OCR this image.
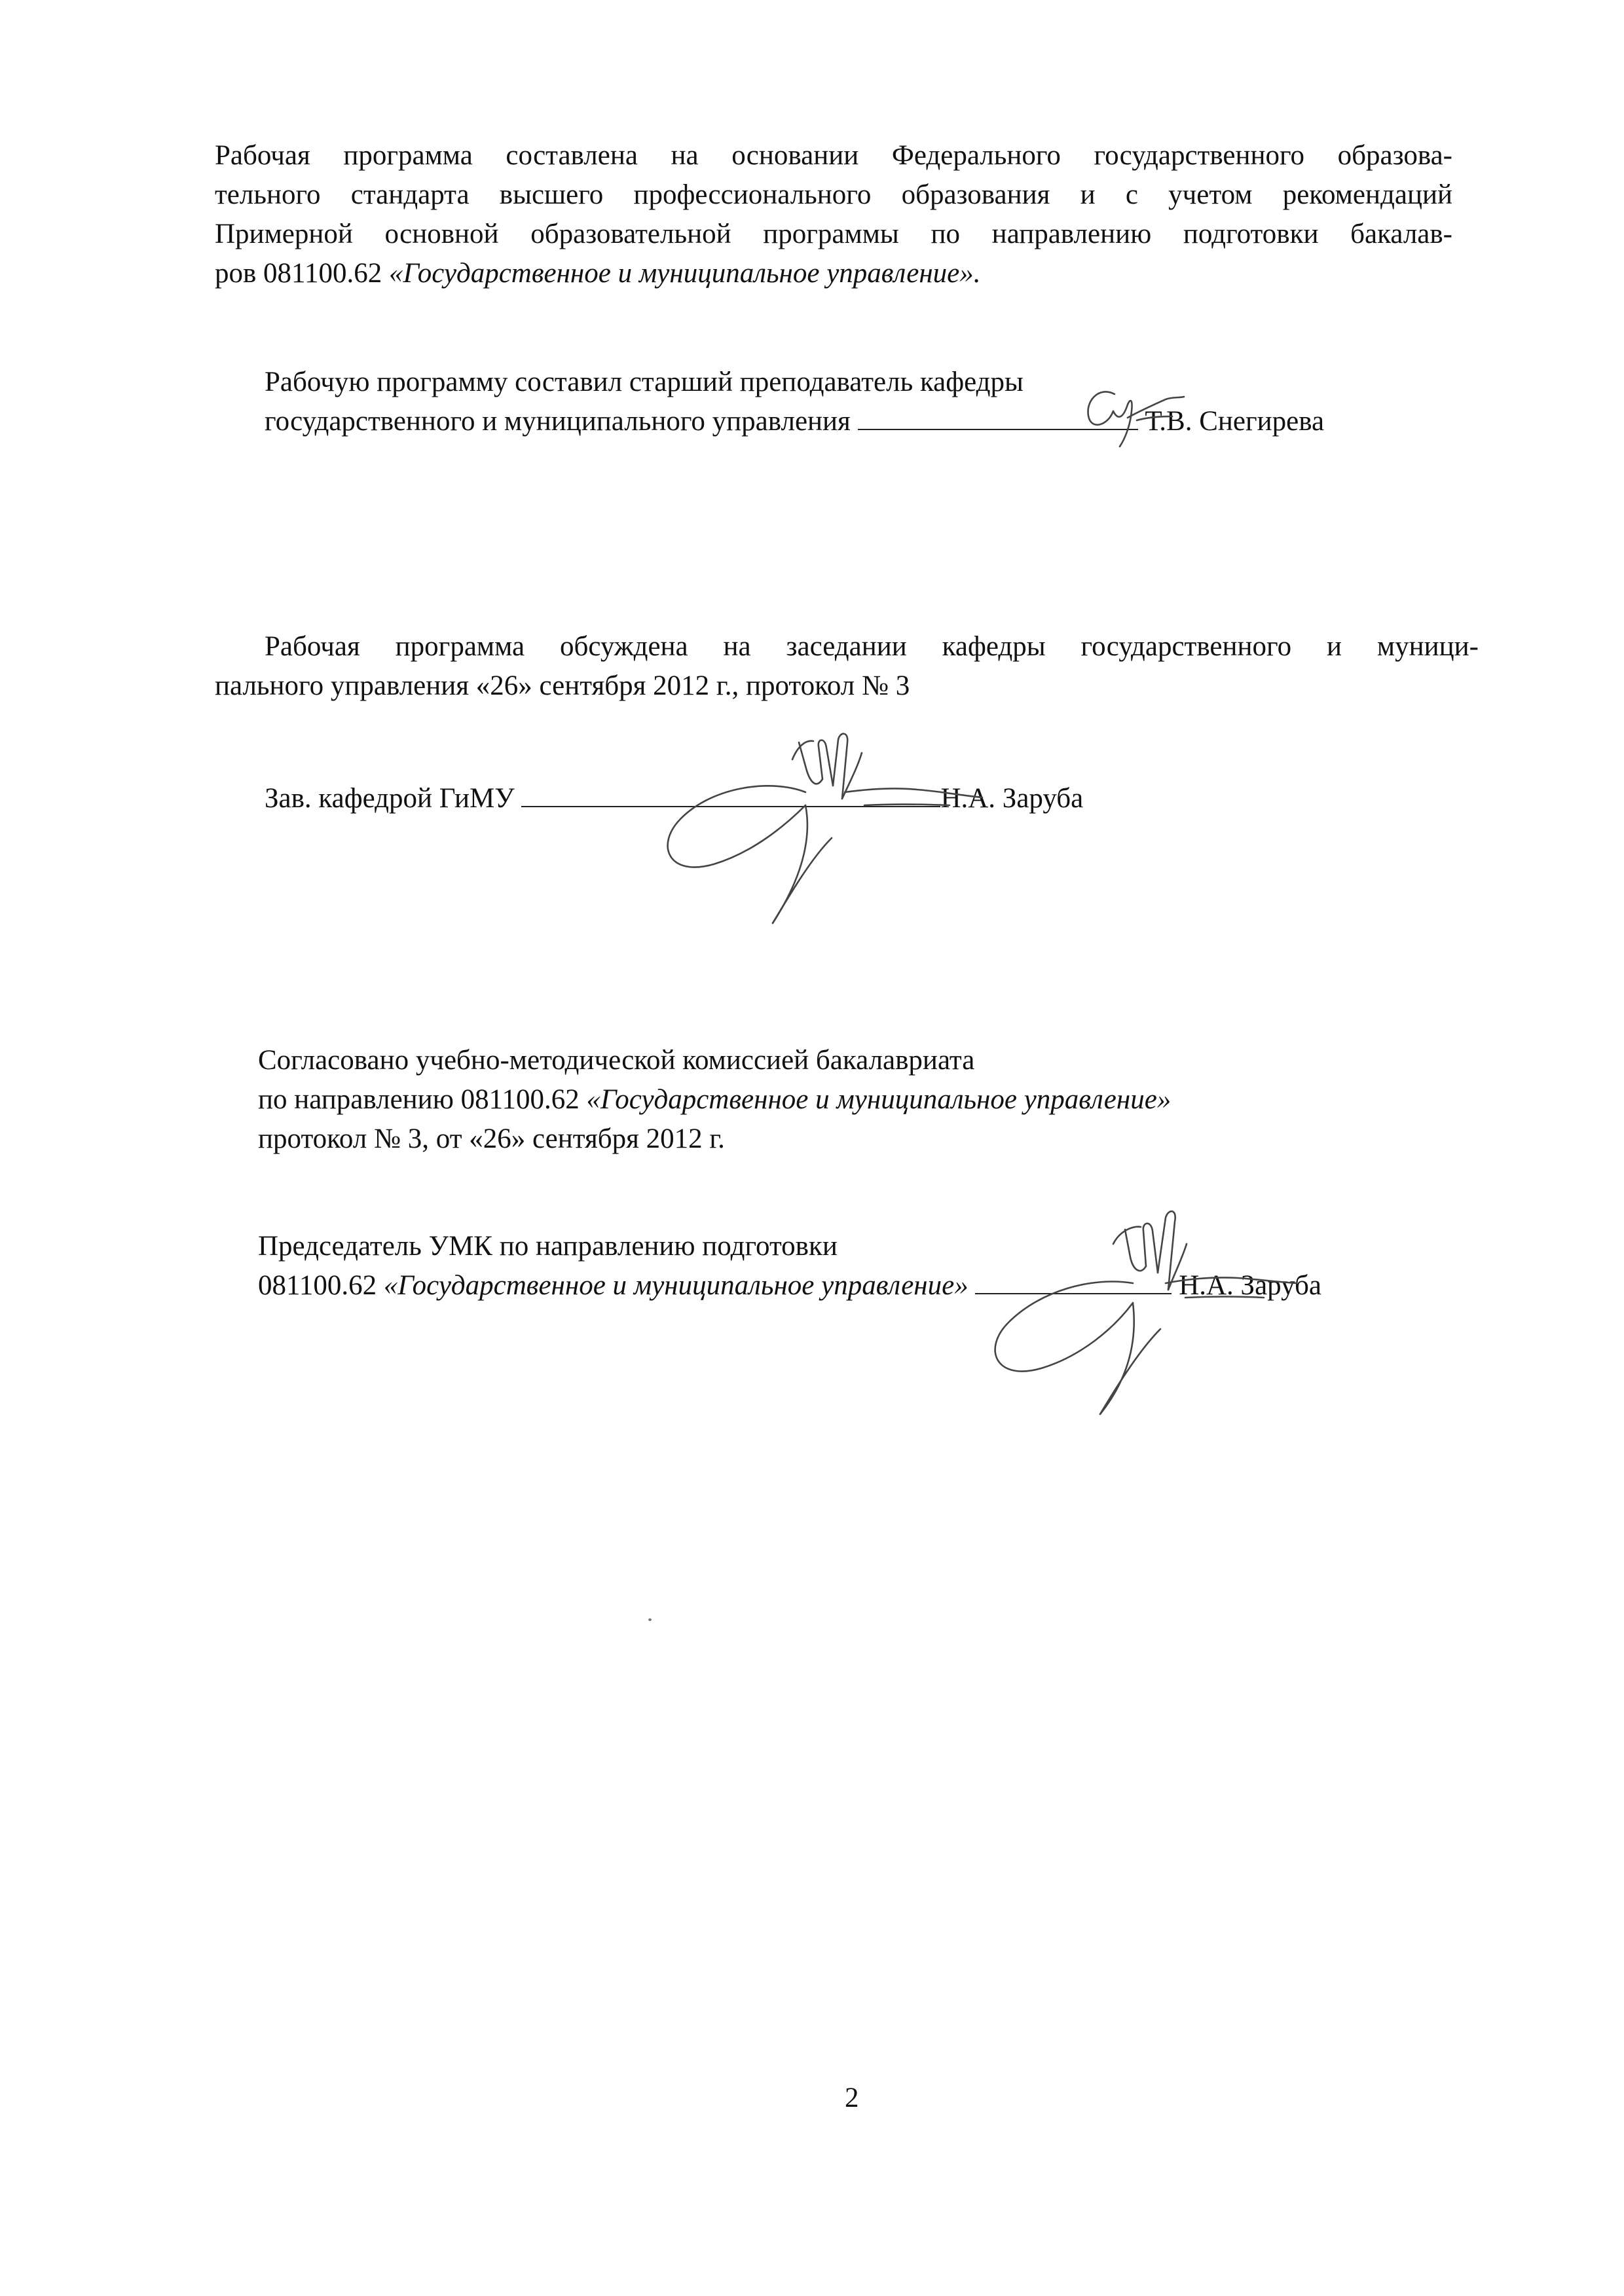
Рабочая программа составлена на основании Федерального государственного образова-
тельного стандарта высшего профессионального образования и с учетом рекомендаций
Примерной основной образовательной программы по направлению подготовки бакалав-
ров 081100.62 «Государственное и муниципальное управление».
Рабочую программу составил старший преподаватель кафедры
государственного и муниципального управления	Т.В. Снегирева
Рабочая программа обсуждена на заседании кафедры государственного и муници-
пального управления «26» сентября 2012 г., протокол № 3
Зав. кафедрой ГиМУ	Н.А. Заруба
Согласовано учебно-методической комиссией бакалавриата
по направлению 081100.62 «Государственное и муниципальное управление»
протокол № 3, от «26» сентября 2012 г.
Председатель УМК по направлению подготовки
081100.62 «Государственное и муниципальное управление»	Н.А. Заруба
2
